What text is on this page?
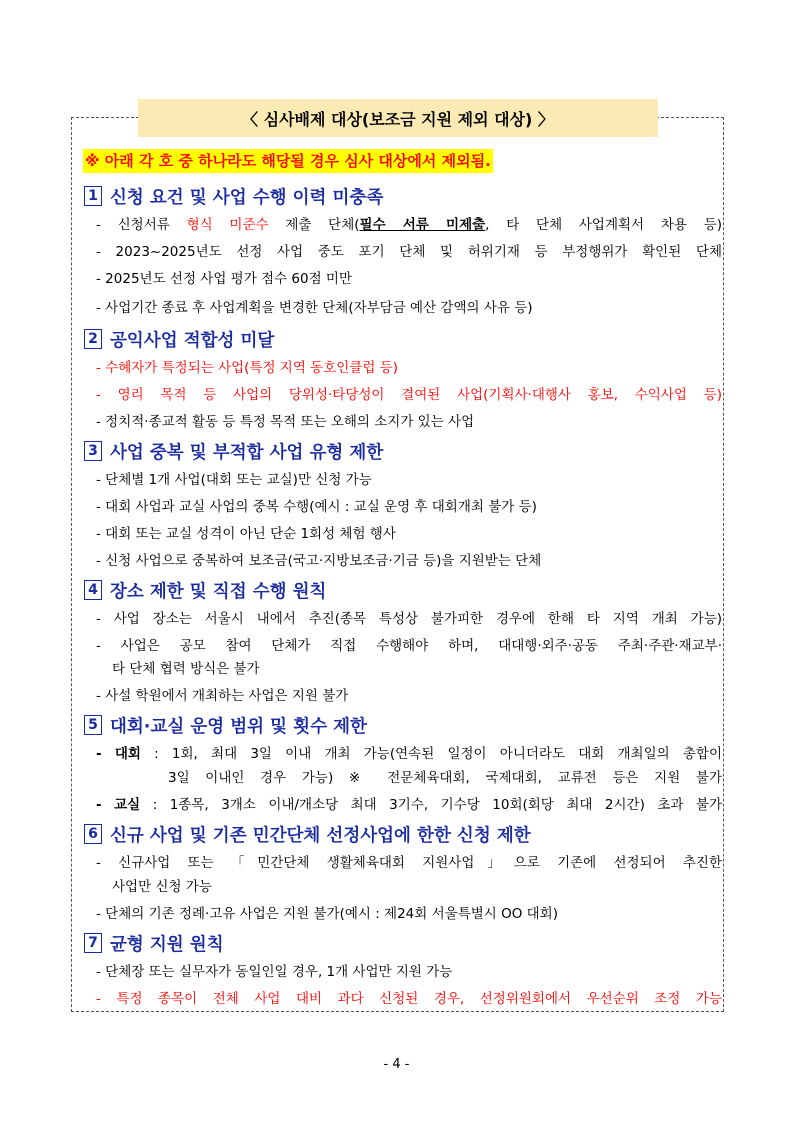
〈 심사배제 대상(보조금 지원 제외 대상) 〉
※ 아래 각 호 중 하나라도 해당될 경우 심사 대상에서 제외됨.
1 신청 요건 및 사업 수행 이력 미충족
- 신청서류 형식 미준수 제출 단체(필수 서류 미제출, 타 단체 사업계획서 차용 등)
- 2023~2025년도 선정 사업 중도 포기 단체 및 허위기재 등 부정행위가 확인된 단체
- 2025년도 선정 사업 평가 점수 60점 미만
- 사업기간 종료 후 사업계획을 변경한 단체(자부담금 예산 감액의 사유 등)
2 공익사업 적합성 미달
- 수혜자가 특정되는 사업(특정 지역 동호인클럽 등)
- 영리 목적 등 사업의 당위성·타당성이 결여된 사업(기획사·대행사 홍보, 수익사업 등)
- 정치적·종교적 활동 등 특정 목적 또는 오해의 소지가 있는 사업
3 사업 중복 및 부적합 사업 유형 제한
- 단체별 1개 사업(대회 또는 교실)만 신청 가능
- 대회 사업과 교실 사업의 중복 수행(예시 : 교실 운영 후 대회개최 불가 등)
- 대회 또는 교실 성격이 아닌 단순 1회성 체험 행사
- 신청 사업으로 중복하여 보조금(국고·지방보조금·기금 등)을 지원받는 단체
4 장소 제한 및 직접 수행 원칙
- 사업 장소는 서울시 내에서 추진(종목 특성상 불가피한 경우에 한해 타 지역 개최 가능)
- 사업은 공모 참여 단체가 직접 수행해야 하며, 대대행·외주·공동 주최·주관·재교부·
타 단체 협력 방식은 불가
- 사설 학원에서 개최하는 사업은 지원 불가
5 대회·교실 운영 범위 및 횟수 제한
- 대회 : 1회, 최대 3일 이내 개최 가능(연속된 일정이 아니더라도 대회 개최일의 총합이
3일 이내인 경우 가능) ※ 전문체육대회, 국제대회, 교류전 등은 지원 불가
- 교실 : 1종목, 3개소 이내/개소당 최대 3기수, 기수당 10회(회당 최대 2시간) 초과 불가
6 신규 사업 및 기존 민간단체 선정사업에 한한 신청 제한
- 신규사업 또는 「민간단체 생활체육대회 지원사업」으로 기존에 선정되어 추진한
사업만 신청 가능
- 단체의 기존 정례·고유 사업은 지원 불가(예시 : 제24회 서울특별시 OO 대회)
7 균형 지원 원칙
- 단체장 또는 실무자가 동일인일 경우, 1개 사업만 지원 가능
- 특정 종목이 전체 사업 대비 과다 신청된 경우, 선정위원회에서 우선순위 조정 가능
- 4 -
